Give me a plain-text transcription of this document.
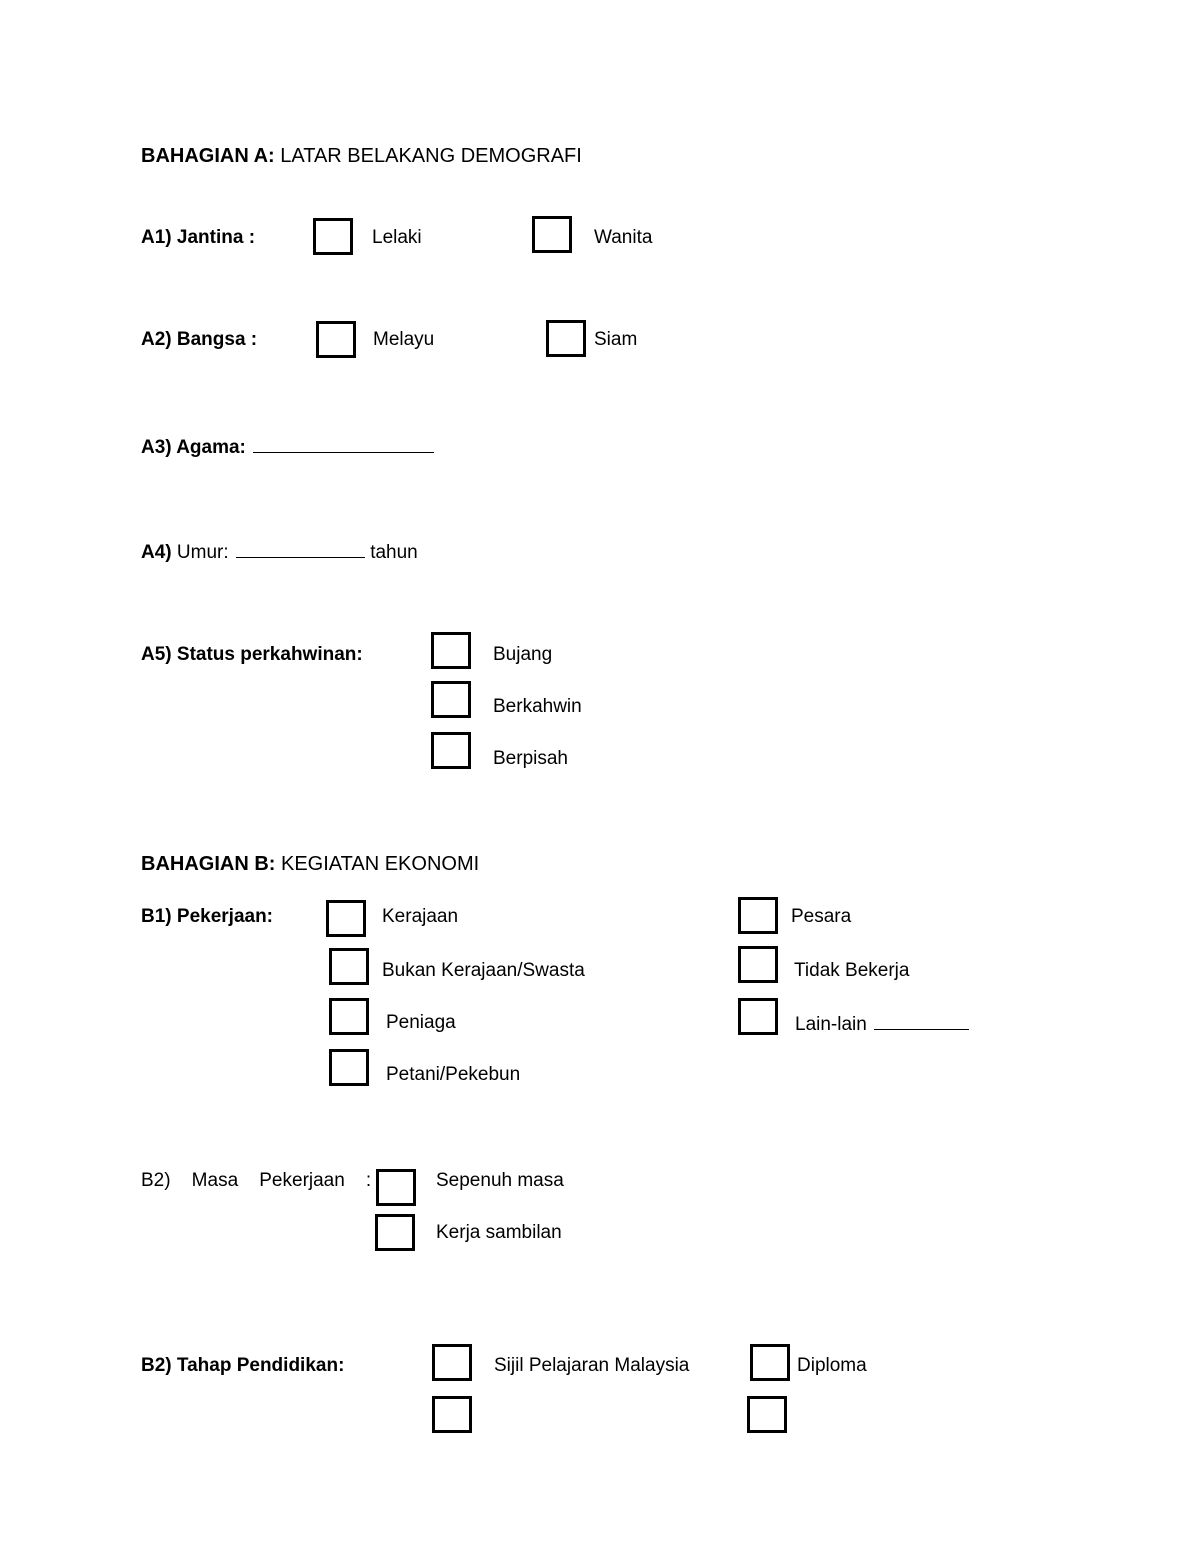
BAHAGIAN A: LATAR BELAKANG DEMOGRAFI
A1) Jantina :	Lelaki	Wanita
A2) Bangsa :	Melayu	Siam
A3) Agama:
A4) Umur:	tahun
A5) Status perkahwinan:	Bujang
Berkahwin
Berpisah
BAHAGIAN B: KEGIATAN EKONOMI
B1) Pekerjaan:	Kerajaan
Bukan Kerajaan/Swasta
Peniaga
Petani/Pekebun
Pesara
Tidak Bekerja
Lain-lain
B2)    Masa    Pekerjaan    :	Sepenuh masa
Kerja sambilan
B2) Tahap Pendidikan:	Sijil Pelajaran Malaysia	Diploma
